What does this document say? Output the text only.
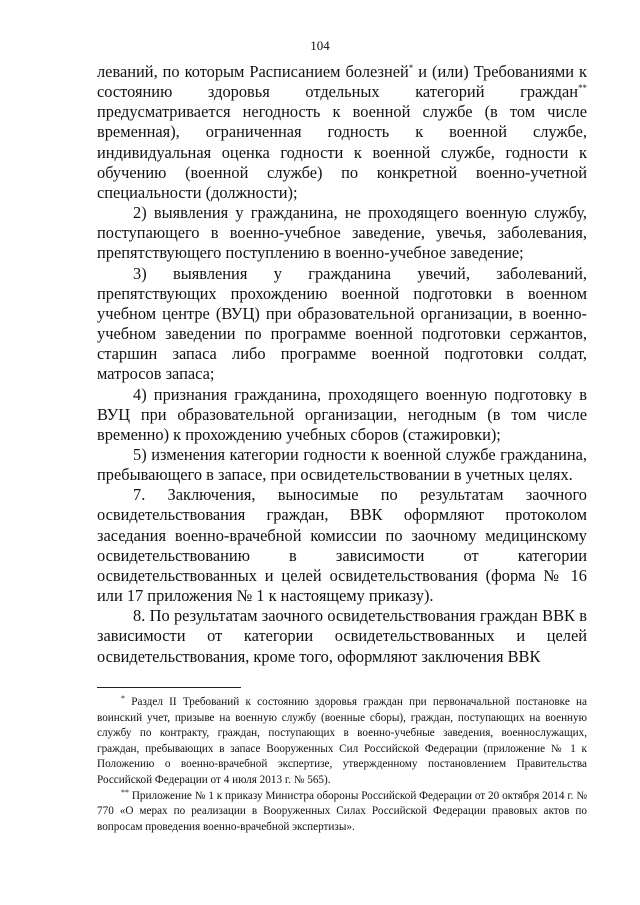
104

леваний, по которым Расписанием болезней* и (или) Требованиями к состоянию здоровья отдельных категорий граждан** предусматривается негодность к военной службе (в том числе временная), ограниченная годность к военной службе, индивидуальная оценка годности к военной службе, годности к обучению (военной службе) по конкретной военно-учетной специальности (должности);

2) выявления у гражданина, не проходящего военную службу, поступающего в военно-учебное заведение, увечья, заболевания, препятствующего поступлению в военно-учебное заведение;

3) выявления у гражданина увечий, заболеваний, препятствующих прохождению военной подготовки в военном учебном центре (ВУЦ) при образовательной организации, в военно-учебном заведении по программе военной подготовки сержантов, старшин запаса либо программе военной подготовки солдат, матросов запаса;

4) признания гражданина, проходящего военную подготовку в ВУЦ при образовательной организации, негодным (в том числе временно) к прохождению учебных сборов (стажировки);

5) изменения категории годности к военной службе гражданина, пребывающего в запасе, при освидетельствовании в учетных целях.

7. Заключения, выносимые по результатам заочного освидетельствования граждан, ВВК оформляют протоколом заседания военно-врачебной комиссии по заочному медицинскому освидетельствованию в зависимости от категории освидетельствованных и целей освидетельствования (форма № 16 или 17 приложения № 1 к настоящему приказу).

8. По результатам заочного освидетельствования граждан ВВК в зависимости от категории освидетельствованных и целей освидетельствования, кроме того, оформляют заключения ВВК

* Раздел II Требований к состоянию здоровья граждан при первоначальной постановке на воинский учет, призыве на военную службу (военные сборы), граждан, поступающих на военную службу по контракту, граждан, поступающих в военно-учебные заведения, военнослужащих, граждан, пребывающих в запасе Вооруженных Сил Российской Федерации (приложение № 1 к Положению о военно-врачебной экспертизе, утвержденному постановлением Правительства Российской Федерации от 4 июля 2013 г. № 565).

** Приложение № 1 к приказу Министра обороны Российской Федерации от 20 октября 2014 г. № 770 «О мерах по реализации в Вооруженных Силах Российской Федерации правовых актов по вопросам проведения военно-врачебной экспертизы».
